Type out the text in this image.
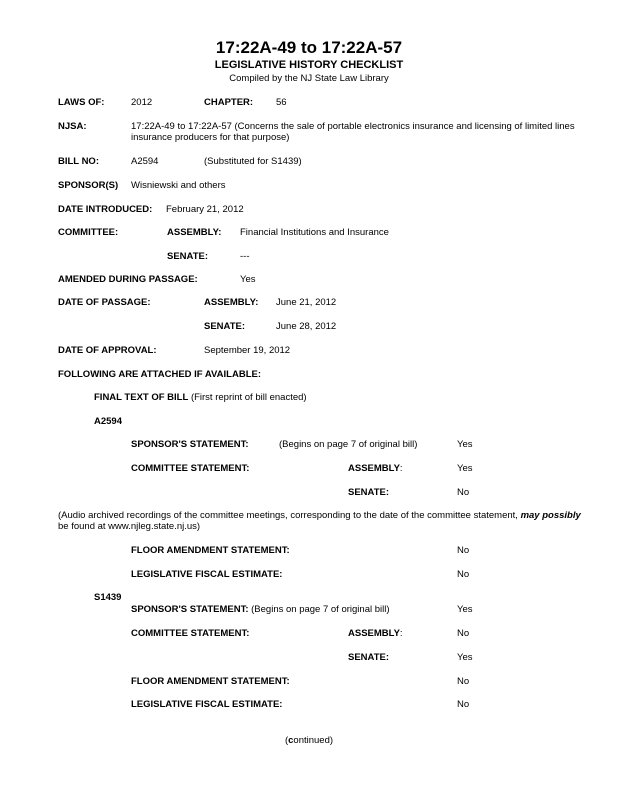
17:22A-49 to 17:22A-57
LEGISLATIVE HISTORY CHECKLIST
Compiled by the NJ State Law Library
LAWS OF:	2012	CHAPTER: 56
NJSA:	17:22A-49 to 17:22A-57 (Concerns the sale of portable electronics insurance and licensing of limited lines
insurance producers for that purpose)
BILL NO:	A2594	(Substituted for S1439)
SPONSOR(S) Wisniewski and others
DATE INTRODUCED: February 21, 2012
COMMITTEE:	ASSEMBLY: Financial Institutions and Insurance
SENATE:	---
AMENDED DURING PASSAGE:	Yes
DATE OF PASSAGE:	ASSEMBLY: June 21, 2012
SENATE:	June 28, 2012
DATE OF APPROVAL:	September 19, 2012
FOLLOWING ARE ATTACHED IF AVAILABLE:
FINAL TEXT OF BILL (First reprint of bill enacted)
A2594
SPONSOR'S STATEMENT:	(Begins on page 7 of original bill)	Yes
COMMITTEE STATEMENT:	ASSEMBLY:	Yes
SENATE:	No
(Audio archived recordings of the committee meetings, corresponding to the date of the committee statement, may possibly
be found at www.njleg.state.nj.us)
FLOOR AMENDMENT STATEMENT:	No
LEGISLATIVE FISCAL ESTIMATE:	No
S1439
SPONSOR'S STATEMENT: (Begins on page 7 of original bill)	Yes
COMMITTEE STATEMENT:	ASSEMBLY:	No
SENATE:	Yes
FLOOR AMENDMENT STATEMENT:	No
LEGISLATIVE FISCAL ESTIMATE:	No
(continued)
